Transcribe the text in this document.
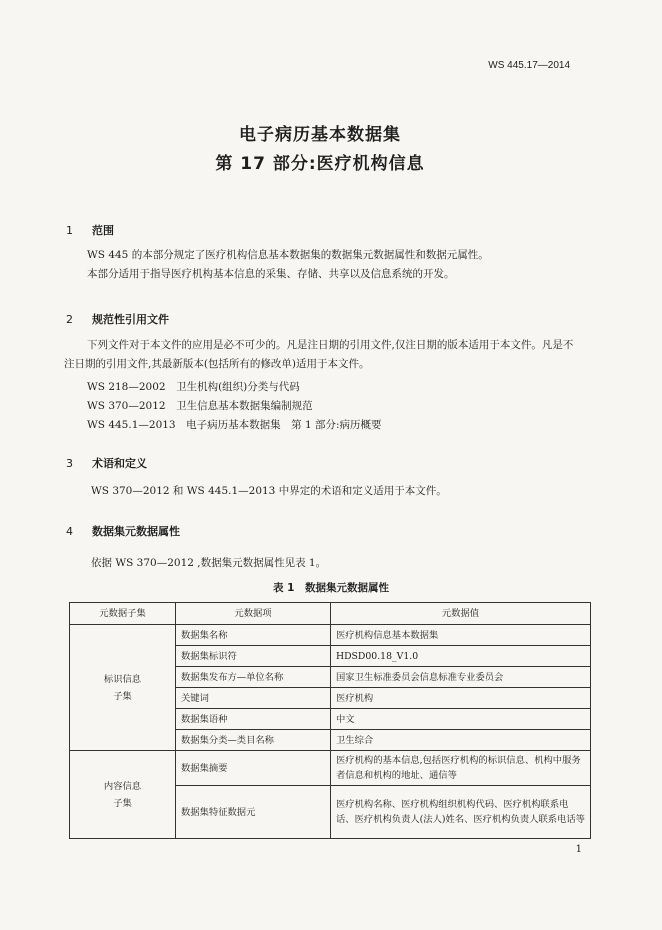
WS 445.17—2014
电子病历基本数据集
第 17 部分:医疗机构信息
1 范围
WS 445 的本部分规定了医疗机构信息基本数据集的数据集元数据属性和数据元属性。
本部分适用于指导医疗机构基本信息的采集、存储、共享以及信息系统的开发。
2 规范性引用文件
下列文件对于本文件的应用是必不可少的。凡是注日期的引用文件,仅注日期的版本适用于本文件。凡是不注日期的引用文件,其最新版本(包括所有的修改单)适用于本文件。
WS 218—2002　卫生机构(组织)分类与代码
WS 370—2012　卫生信息基本数据集编制规范
WS 445.1—2013　电子病历基本数据集　第 1 部分:病历概要
3 术语和定义
WS 370—2012 和 WS 445.1—2013 中界定的术语和定义适用于本文件。
4 数据集元数据属性
依据 WS 370—2012 ,数据集元数据属性见表 1。
表 1　数据集元数据属性
元数据子集	元数据项	元数据值
标识信息
子集	数据集名称	医疗机构信息基本数据集
	数据集标识符	HDSD00.18_V1.0
	数据集发布方—单位名称	国家卫生标准委员会信息标准专业委员会
	关键词	医疗机构
	数据集语种	中文
	数据集分类—类目名称	卫生综合
内容信息
子集	数据集摘要	医疗机构的基本信息,包括医疗机构的标识信息、机构中服务者信息和机构的地址、通信等
	数据集特征数据元	医疗机构名称、医疗机构组织机构代码、医疗机构联系电话、医疗机构负责人(法人)姓名、医疗机构负责人联系电话等
1
